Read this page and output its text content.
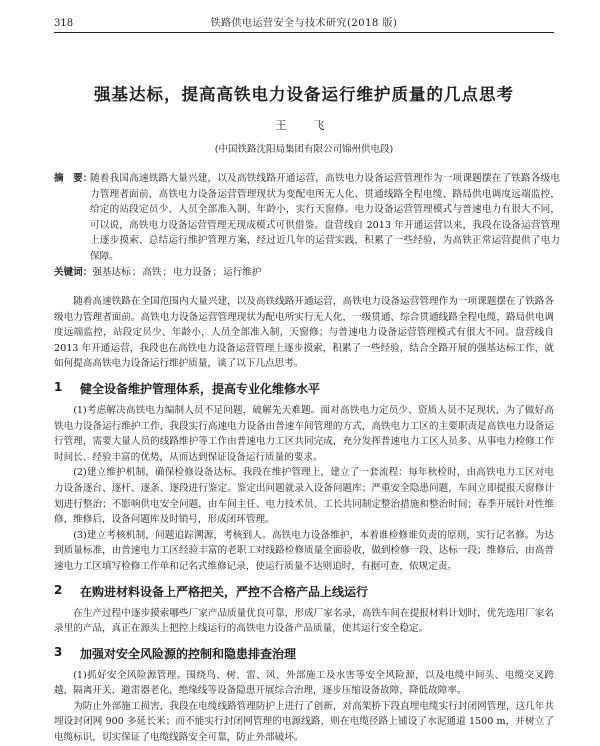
318	铁路供电运营安全与技术研究(2018 版)
强基达标，提高高铁电力设备运行维护质量的几点思考
王　飞
(中国铁路沈阳局集团有限公司锦州供电段)
摘　要：

随着我国高速铁路大量兴建，以及高铁线路开通运营，高铁电力设备运营管理作为一项课题摆在了铁路各级电力管理者面前，高铁电力设备运营管理现状为变配电所无人化、贯通线路全程电缆、路局供电调度远端监控，给定的站段定员少、人员全部准入制、年龄小，实行天窗修。电力设备运营管理模式与普速电力有很大不同，可以说，高铁电力设备运营管理无现成模式可供借鉴。盘营线自 2013 年开通运营以来，我段在设备运营管理上逐步摸索、总结运行维护管理方案，经过近几年的运营实践，积累了一些经验，为高铁正常运营提供了电力保障。

关键词： 强基达标 ； 高铁 ； 电力设备 ； 运行维护

随着高速铁路在全国范围内大量兴建，以及高铁线路开通运营，高铁电力设备运营管理作为一项课题摆在了铁路各级电力管理者面前。高铁电力设备运营管理现状为配电所实行无人化，一级贯通、综合贯通线路全程电缆，路局供电调度远端监控，站段定员少、年龄小，人员全部准入制，天窗修；与普速电力设备运营管理模式有很大不同。盘营线自 2013 年开通运营，我段也在高铁电力设备运营管理上逐步摸索，积累了一些经验，结合全路开展的强基达标工作，就如何提高高铁电力设备运行维护质量，谈了以下几点思考。

1	健全设备维护管理体系，提高专业化维修水平

(1)考虑解决高铁电力编制人员不足问题，破解先天难题。面对高铁电力定员少、资质人员不足现状，为了做好高铁电力设备运行维护工作，我段实行高速电力设备由普速车间管理的方式，高铁电力工区的主要职责是高铁电力设备运行管理，需要大量人员的线路维护等工作由普速电力工区共同完成，充分发挥普速电力工区人员多、从事电力检修工作时间长、经验丰富的优势，从而达到保证设备运行质量的要求。

(2)建立维护机制，确保检修设备达标。我段在维护管理上，建立了一套流程：每年秋检时，由高铁电力工区对电力设备逐台、逐杆、逐条、逐段进行鉴定。鉴定出问题就录入设备问题库；严重安全隐患问题，车间立即提报天窗修计划进行整治；不影响供电安全问题，由车间主任、电力技术员、工长共同制定整治措施和整治时间；春季开展针对性维修，维修后，设备问题库及时销号，形成闭环管理。

(3)建立考核机制，问题追踪溯源，考核到人。高铁电力设备维护，本着谁检修谁负责的原则，实行记名修。为达到质量标准，由普速电力工区经验丰富的老职工对线路检修质量全面验收，做到检修一段、达标一段；维修后，由高普速电力工区填写检修工作单和记名式维修记录，使运行质量不达则追时，有据可查，依规定责。

2	在购进材料设备上严格把关，严控不合格产品上线运行

在生产过程中逐步摸索哪些厂家产品质量优良可靠，形成厂家名录，高铁车间在提报材料计划时，优先选用厂家名录里的产品，真正在源头上把控上线运行的高铁电力设备产品质量，使其运行安全稳定。

3	加强对安全风险源的控制和隐患排查治理

(1)抓好安全风险源管理。围绕鸟、树、雷、风、外部施工及水害等安全风险源，以及电缆中间头、电缆交叉跨越，隔离开关、避雷器老化，绝缘线等设备隐患开展综合治理，逐步压缩设备故障，降低故障率。

为防止外部施工损害，我段在电缆线路管理防护上进行了创新，对高架桥下段直埋电缆实行封闭网管理，这几年共埋设封闭网 900 多延长米；而不能实行封闭网管理的电源线路，则在电缆径路上铺设了水泥通道 1500 m，并树立了电缆标识，切实保证了电缆线路安全可靠，防止外部破坏。
